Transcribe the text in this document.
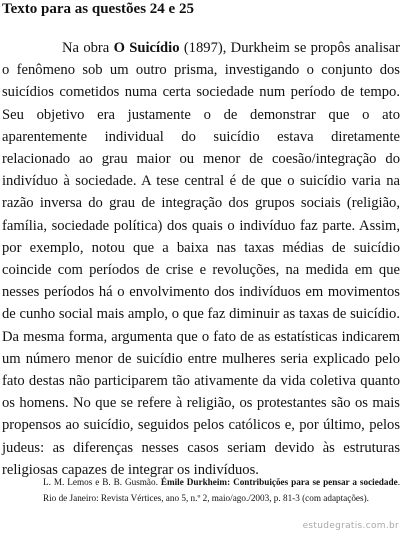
Texto para as questões 24 e 25

Na obra O Suicídio (1897), Durkheim se propôs analisar o fenômeno sob um outro prisma, investigando o conjunto dos suicídios cometidos numa certa sociedade num período de tempo. Seu objetivo era justamente o de demonstrar que o ato aparentemente individual do suicídio estava diretamente relacionado ao grau maior ou menor de coesão/integração do indivíduo à sociedade. A tese central é de que o suicídio varia na razão inversa do grau de integração dos grupos sociais (religião, família, sociedade política) dos quais o indivíduo faz parte. Assim, por exemplo, notou que a baixa nas taxas médias de suicídio coincide com períodos de crise e revoluções, na medida em que nesses períodos há o envolvimento dos indivíduos em movimentos de cunho social mais amplo, o que faz diminuir as taxas de suicídio. Da mesma forma, argumenta que o fato de as estatísticas indicarem um número menor de suicídio entre mulheres seria explicado pelo fato destas não participarem tão ativamente da vida coletiva quanto os homens. No que se refere à religião, os protestantes são os mais propensos ao suicídio, seguidos pelos católicos e, por último, pelos judeus: as diferenças nesses casos seriam devido às estruturas religiosas capazes de integrar os indivíduos.

L. M. Lemos e B. B. Gusmão. Émile Durkheim: Contribuições para se pensar a sociedade. Rio de Janeiro: Revista Vértices, ano 5, n.º 2, maio/ago./2003, p. 81-3 (com adaptações).

estudegratis.com.br
